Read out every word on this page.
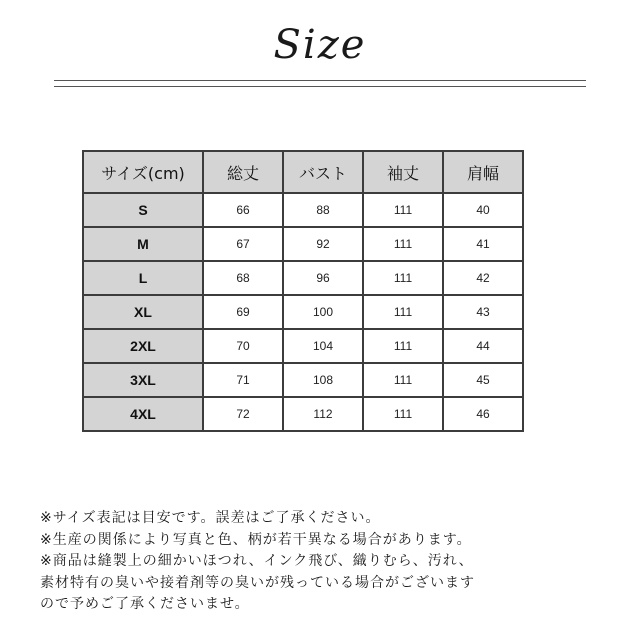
Size
サイズ(cm)	総丈	バスト	袖丈	肩幅
S	66	88	111	40
M	67	92	111	41
L	68	96	111	42
XL	69	100	111	43
2XL	70	104	111	44
3XL	71	108	111	45
4XL	72	112	111	46
※サイズ表記は目安です。誤差はご了承ください。
※生産の関係により写真と色、柄が若干異なる場合があります。
※商品は縫製上の細かいほつれ、インク飛び、織りむら、汚れ、
素材特有の臭いや接着剤等の臭いが残っている場合がございます
ので予めご了承くださいませ。
